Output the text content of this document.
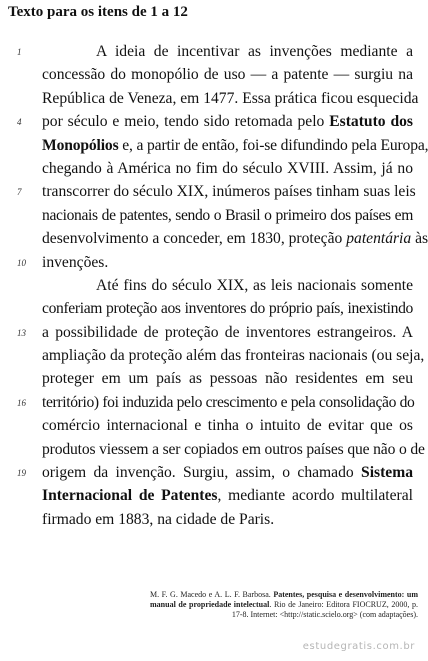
Texto para os itens de 1 a 12
1	A ideia de incentivar as invenções mediante a
concessão do monopólio de uso — a patente — surgiu na
República de Veneza, em 1477. Essa prática ficou esquecida
4	por século e meio, tendo sido retomada pelo Estatuto dos
Monopólios e, a partir de então, foi-se difundindo pela Europa,
chegando à América no fim do século XVIII. Assim, já no
7	transcorrer do século XIX, inúmeros países tinham suas leis
nacionais de patentes, sendo o Brasil o primeiro dos países em
desenvolvimento a conceder, em 1830, proteção patentária às
10	invenções.
Até fins do século XIX, as leis nacionais somente
conferiam proteção aos inventores do próprio país, inexistindo
13	a possibilidade de proteção de inventores estrangeiros. A
ampliação da proteção além das fronteiras nacionais (ou seja,
proteger em um país as pessoas não residentes em seu
16	território) foi induzida pelo crescimento e pela consolidação do
comércio internacional e tinha o intuito de evitar que os
produtos viessem a ser copiados em outros países que não o de
19	origem da invenção. Surgiu, assim, o chamado Sistema
Internacional de Patentes, mediante acordo multilateral
firmado em 1883, na cidade de Paris.
M. F. G. Macedo e A. L. F. Barbosa. Patentes, pesquisa e desenvolvimento: um manual de propriedade intelectual. Rio de Janeiro: Editora FIOCRUZ, 2000, p. 17-8. Internet: <http://static.scielo.org> (com adaptações).
estudegratis.com.br
